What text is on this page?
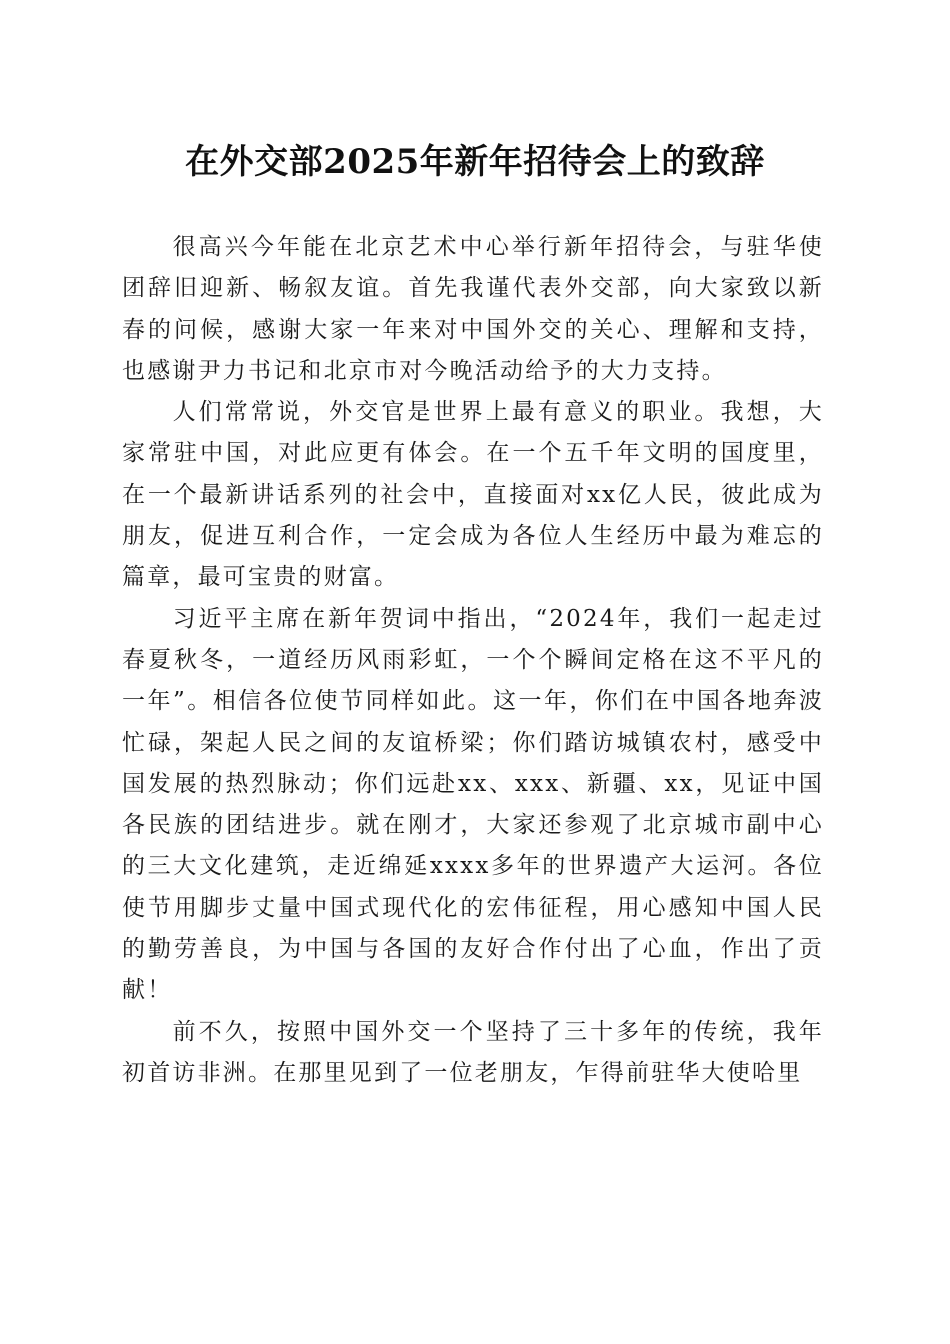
在外交部2025年新年招待会上的致辞

很高兴今年能在北京艺术中心举行新年招待会，与驻华使团辞旧迎新、畅叙友谊。首先我谨代表外交部，向大家致以新春的问候，感谢大家一年来对中国外交的关心、理解和支持，也感谢尹力书记和北京市对今晚活动给予的大力支持。

人们常常说，外交官是世界上最有意义的职业。我想，大家常驻中国，对此应更有体会。在一个五千年文明的国度里，在一个最新讲话系列的社会中，直接面对xx亿人民，彼此成为朋友，促进互利合作，一定会成为各位人生经历中最为难忘的篇章，最可宝贵的财富。

习近平主席在新年贺词中指出，“2024年，我们一起走过春夏秋冬，一道经历风雨彩虹，一个个瞬间定格在这不平凡的一年”。相信各位使节同样如此。这一年，你们在中国各地奔波忙碌，架起人民之间的友谊桥梁；你们踏访城镇农村，感受中国发展的热烈脉动；你们远赴xx、xxx、新疆、xx，见证中国各民族的团结进步。就在刚才，大家还参观了北京城市副中心的三大文化建筑，走近绵延xxxx多年的世界遗产大运河。各位使节用脚步丈量中国式现代化的宏伟征程，用心感知中国人民的勤劳善良，为中国与各国的友好合作付出了心血，作出了贡献！

前不久，按照中国外交一个坚持了三十多年的传统，我年初首访非洲。在那里见到了一位老朋友，乍得前驻华大使哈里
